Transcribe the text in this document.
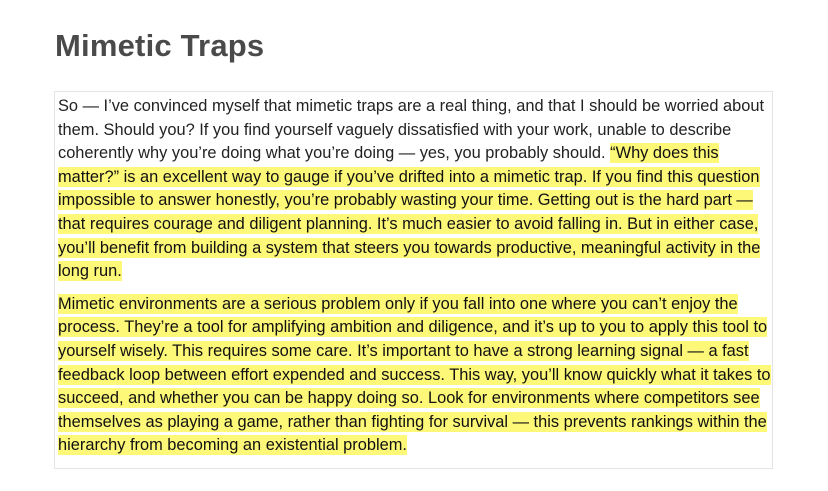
Mimetic Traps

So — I’ve convinced myself that mimetic traps are a real thing, and that I should be worried about them. Should you? If you find yourself vaguely dissatisfied with your work, unable to describe coherently why you’re doing what you’re doing — yes, you probably should. “Why does this matter?” is an excellent way to gauge if you’ve drifted into a mimetic trap. If you find this question impossible to answer honestly, you’re probably wasting your time. Getting out is the hard part — that requires courage and diligent planning. It’s much easier to avoid falling in. But in either case, you’ll benefit from building a system that steers you towards productive, meaningful activity in the long run.

Mimetic environments are a serious problem only if you fall into one where you can’t enjoy the process. They’re a tool for amplifying ambition and diligence, and it’s up to you to apply this tool to yourself wisely. This requires some care. It’s important to have a strong learning signal — a fast feedback loop between effort expended and success. This way, you’ll know quickly what it takes to succeed, and whether you can be happy doing so. Look for environments where competitors see themselves as playing a game, rather than fighting for survival — this prevents rankings within the hierarchy from becoming an existential problem.
